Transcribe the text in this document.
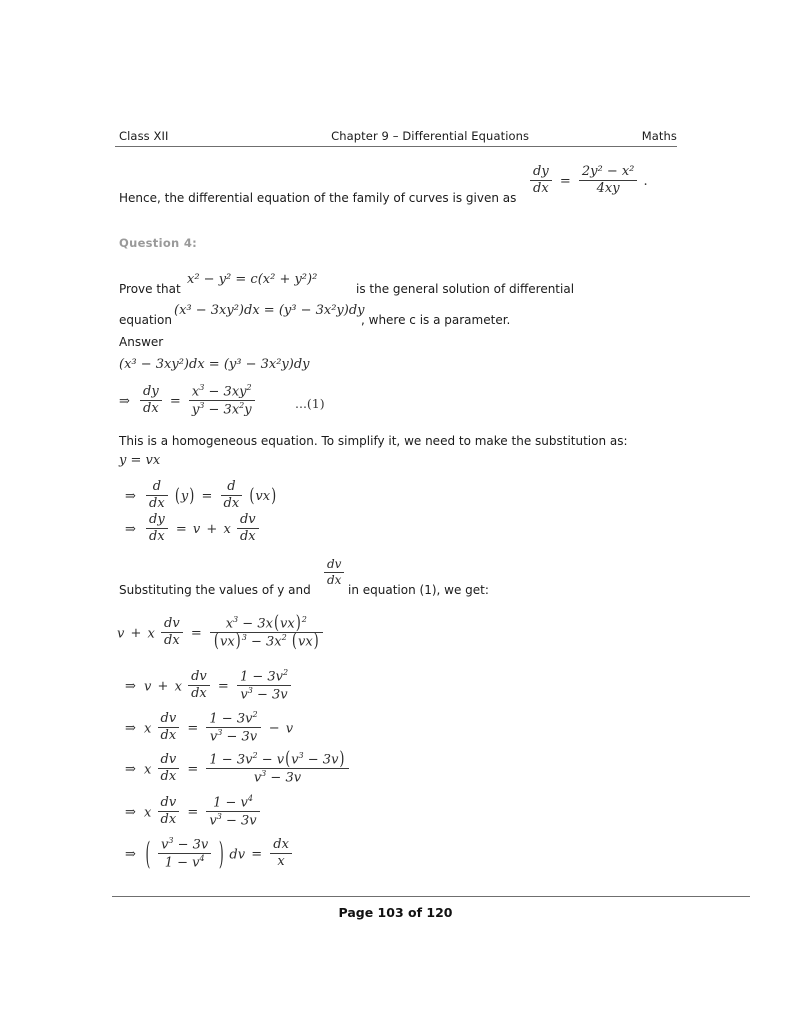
Class XII	Chapter 9 – Differential Equations	Maths
Hence, the differential equation of the family of curves is given as
$\frac{dy}{dx} = \frac{\text{2y² − x²}}{4xy}$ .
Question 4:
Prove that
x² − y² = c(x² + y²)²
is the general solution of differential
equation
(x³ − 3xy²)dx = (y³ − 3x²y)dy
, where c is a parameter.
Answer
(x³ − 3xy²)dx = (y³ − 3x²y)dy
⇒ $\frac{dy}{dx} = \frac{x^3 - 3xy^2}{y^3 - 3x^2y}$	...(1)
This is a homogeneous equation. To simplify it, we need to make the substitution as:
y = vx
⇒ $\frac{d}{dx} (y) = \frac{d}{dx} (vx)$
⇒ $\frac{dy}{dx} = v + x \frac{dv}{dx}$
Substituting the values of y and
$\frac{dv}{dx}$
in equation (1), we get:
v + x $\frac{dv}{dx} = \frac{x^3 - 3x(vx)^2}{(vx)^3 - 3x^2 (vx)}$
⇒ v + x $\frac{dv}{dx} = \frac{1 - 3v^2}{v^3 - 3v}$
⇒ x $\frac{dv}{dx} = \frac{1 - 3v^2}{v^3 - 3v} - v$
⇒ x $\frac{dv}{dx} = \frac{1 - 3v^2 - v(v^3 - 3v)}{v^3 - 3v}$
⇒ x $\frac{dv}{dx} = \frac{1 - v^4}{v^3 - 3v}$
⇒ ( $\frac{v^3 - 3v}{1 - v^4}$ ) dv = $\frac{dx}{x}$
Page 103 of 120
